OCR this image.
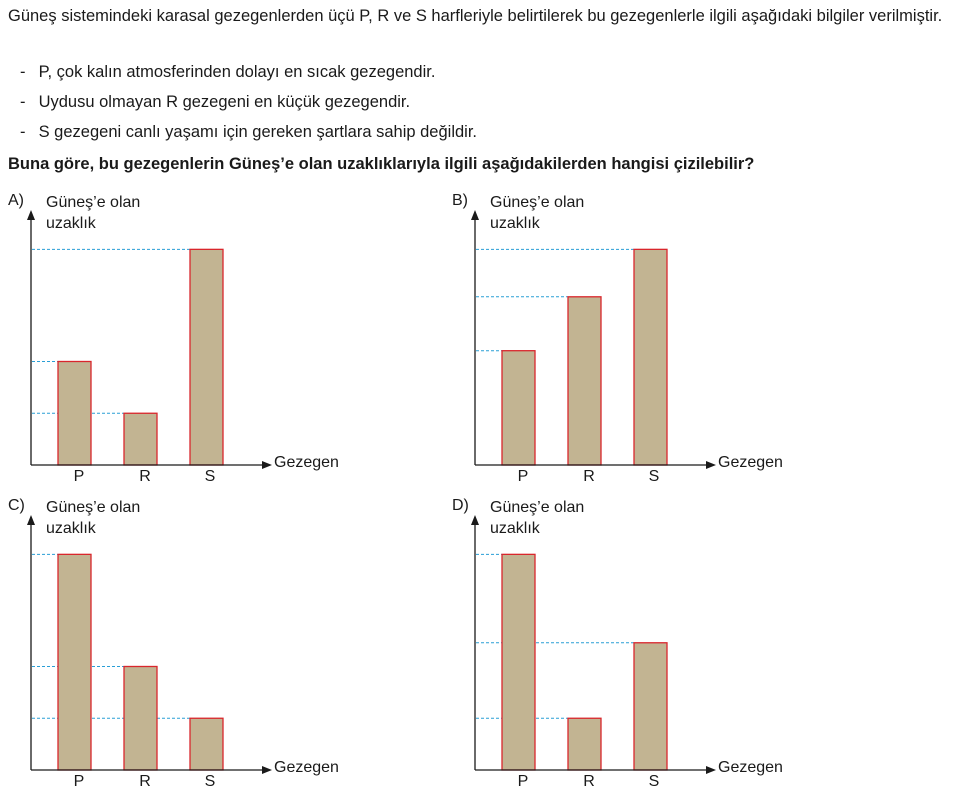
Güneş sistemindeki karasal gezegenlerden üçü P, R ve S harfleriyle belirtilerek bu gezegenlerle ilgili aşağıdaki bilgiler verilmiştir.
- P, çok kalın atmosferinden dolayı en sıcak gezegendir.
- Uydusu olmayan R gezegeni en küçük gezegendir.
- S gezegeni canlı yaşamı için gereken şartlara sahip değildir.
Buna göre, bu gezegenlerin Güneş’e olan uzaklıklarıyla ilgili aşağıdakilerden hangisi çizilebilir?
A) Güneş’e olan
uzaklık
Gezegen
P	R	S
B) Güneş’e olan
uzaklık
Gezegen
P	R	S
C) Güneş’e olan
uzaklık
Gezegen
P	R	S
D) Güneş’e olan
uzaklık
Gezegen
P	R	S
